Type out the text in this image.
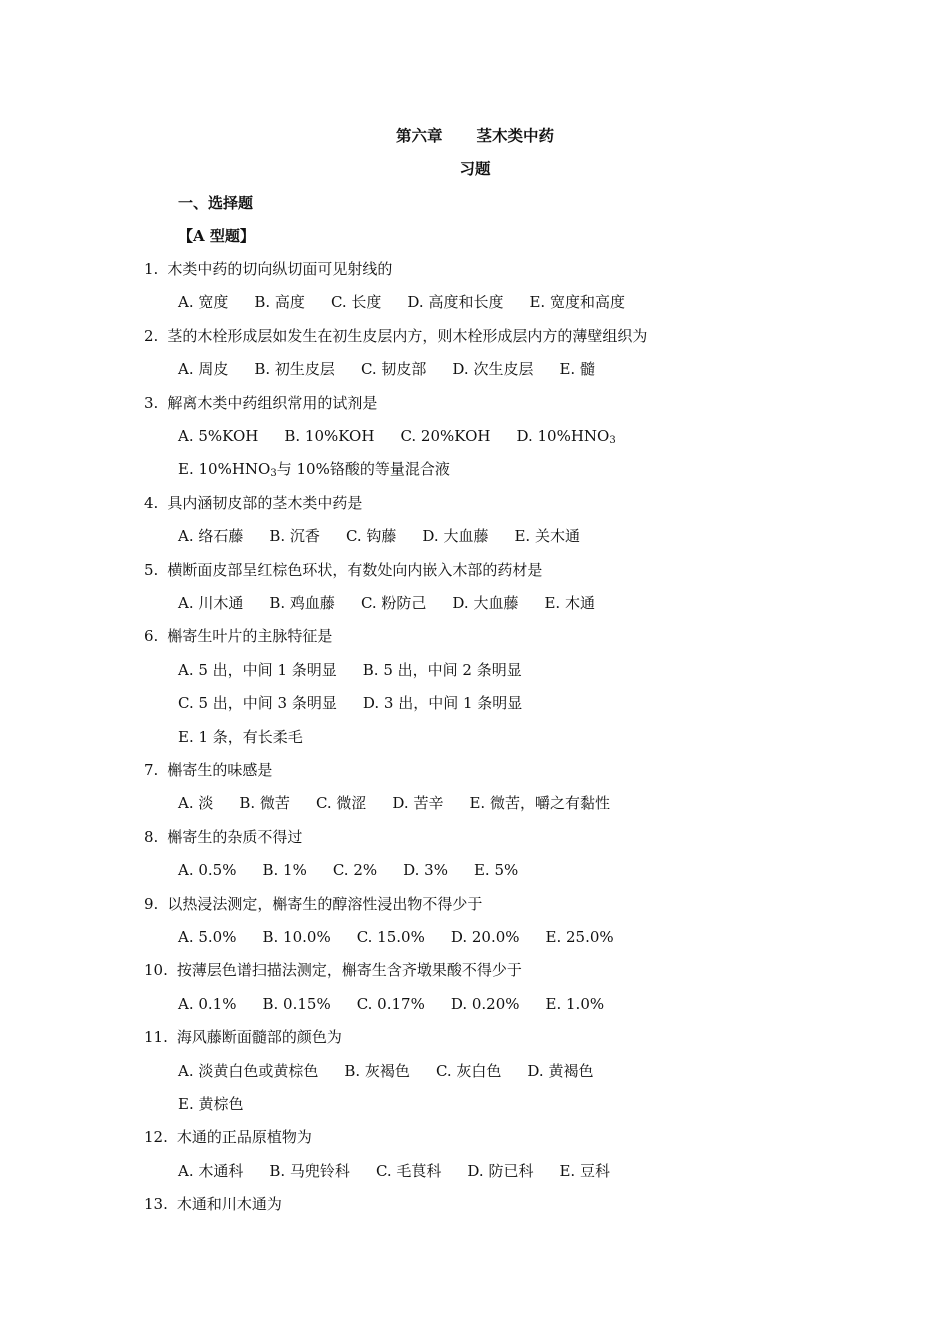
第六章 茎木类中药
习题
一、选择题
【A 型题】
1. 木类中药的切向纵切面可见射线的
A. 宽度 B. 高度 C. 长度 D. 高度和长度 E. 宽度和高度
2. 茎的木栓形成层如发生在初生皮层内方，则木栓形成层内方的薄壁组织为
A. 周皮 B. 初生皮层 C. 韧皮部 D. 次生皮层 E. 髓
3. 解离木类中药组织常用的试剂是
A. 5%KOH B. 10%KOH C. 20%KOH D. $10\%HNO_3$
E. $10\%HNO_3$与 10%铬酸的等量混合液
4. 具内涵韧皮部的茎木类中药是
A. 络石藤 B. 沉香 C. 钩藤 D. 大血藤 E. 关木通
5. 横断面皮部呈红棕色环状，有数处向内嵌入木部的药材是
A. 川木通 B. 鸡血藤 C. 粉防己 D. 大血藤 E. 木通
6. 槲寄生叶片的主脉特征是
A. 5 出，中间 1 条明显 B. 5 出，中间 2 条明显
C. 5 出，中间 3 条明显 D. 3 出，中间 1 条明显
E. 1 条，有长柔毛
7. 槲寄生的味感是
A. 淡 B. 微苦 C. 微涩 D. 苦辛 E. 微苦，嚼之有黏性
8. 槲寄生的杂质不得过
A. 0.5% B. 1% C. 2% D. 3% E. 5%
9. 以热浸法测定，槲寄生的醇溶性浸出物不得少于
A. 5.0% B. 10.0% C. 15.0% D. 20.0% E. 25.0%
10. 按薄层色谱扫描法测定，槲寄生含齐墩果酸不得少于
A. 0.1% B. 0.15% C. 0.17% D. 0.20% E. 1.0%
11. 海风藤断面髓部的颜色为
A. 淡黄白色或黄棕色 B. 灰褐色 C. 灰白色 D. 黄褐色
E. 黄棕色
12. 木通的正品原植物为
A. 木通科 B. 马兜铃科 C. 毛茛科 D. 防已科 E. 豆科
13. 木通和川木通为
